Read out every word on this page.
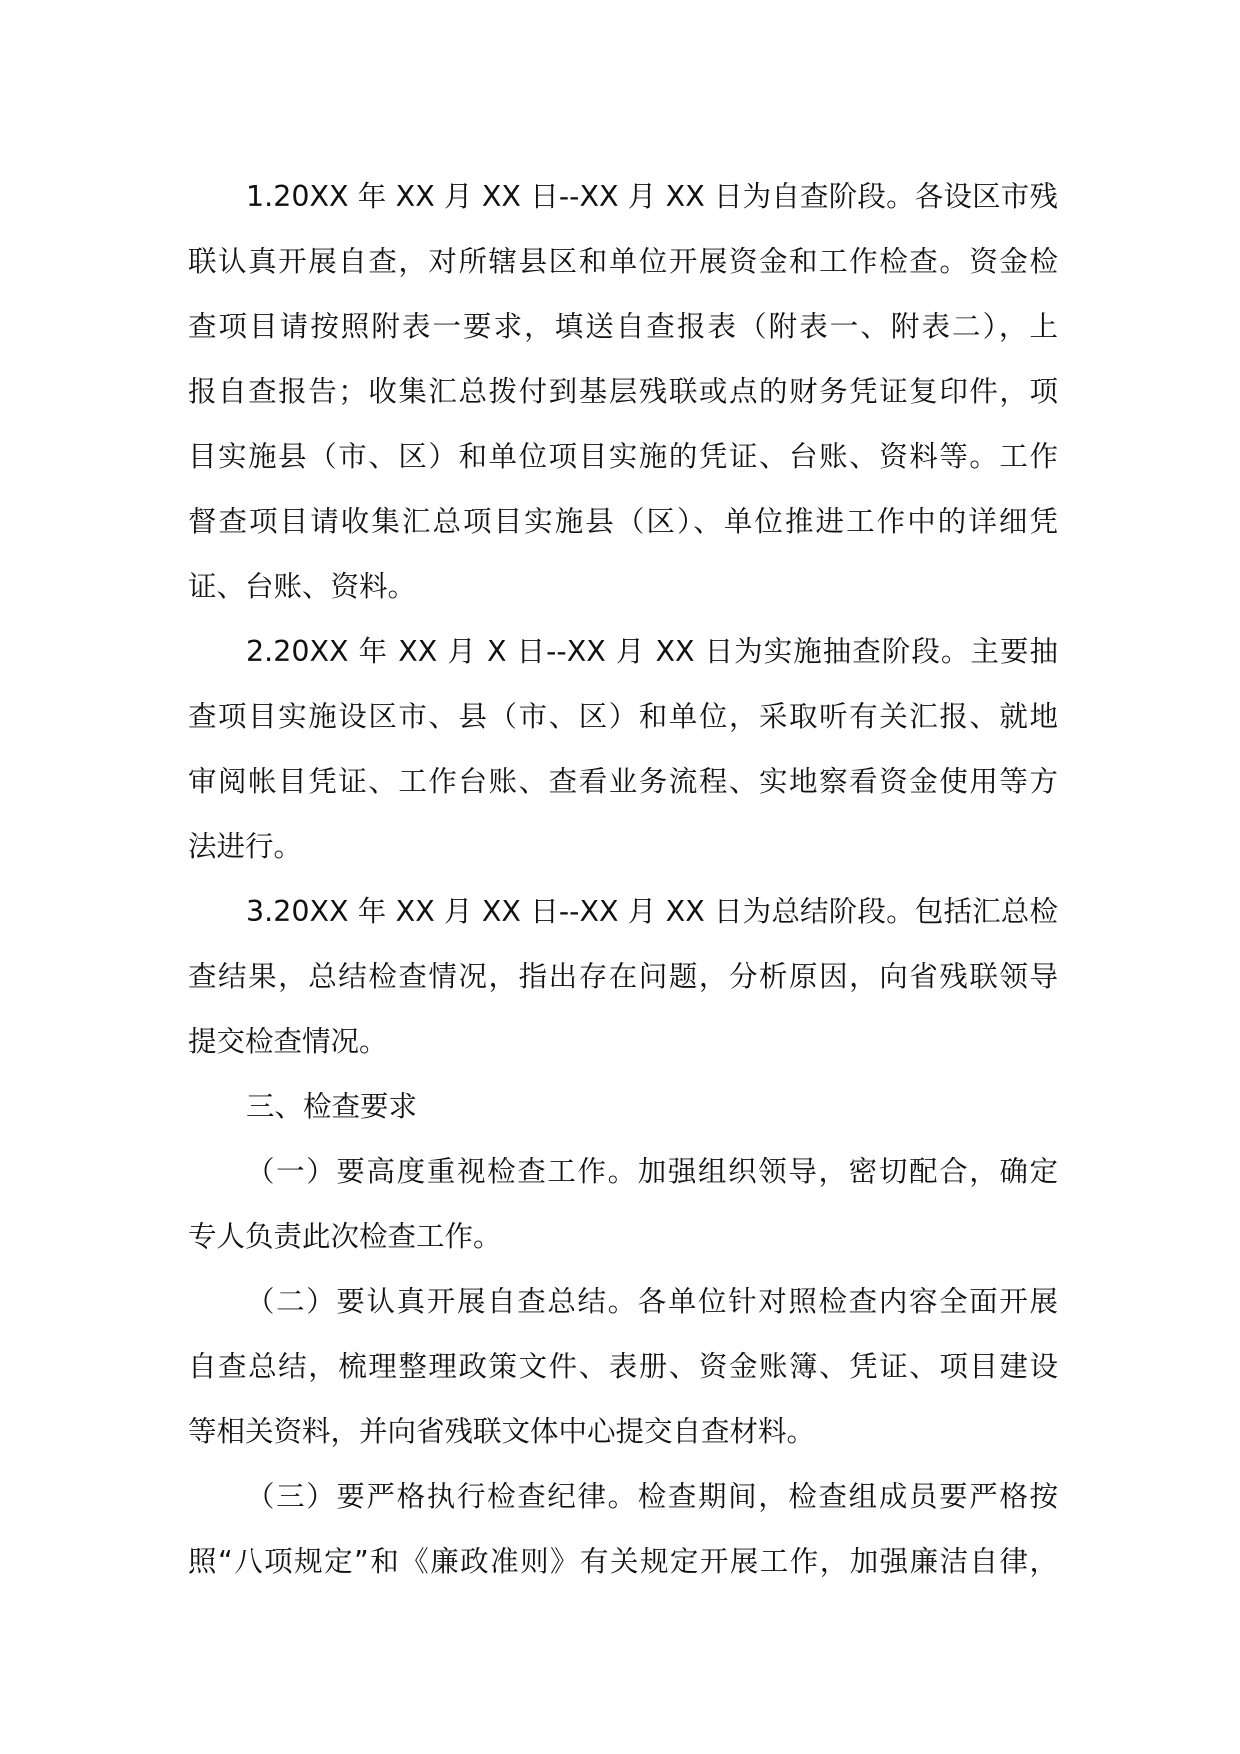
1.20XX 年 XX 月 XX 日--XX 月 XX 日为自查阶段。各设区市残
联认真开展自查，对所辖县区和单位开展资金和工作检查。资金检
查项目请按照附表一要求，填送自查报表（附表一、附表二），上
报自查报告；收集汇总拨付到基层残联或点的财务凭证复印件，项
目实施县（市、区）和单位项目实施的凭证、台账、资料等。工作
督查项目请收集汇总项目实施县（区）、单位推进工作中的详细凭
证、台账、资料。
2.20XX 年 XX 月 X 日--XX 月 XX 日为实施抽查阶段。主要抽
查项目实施设区市、县（市、区）和单位，采取听有关汇报、就地
审阅帐目凭证、工作台账、查看业务流程、实地察看资金使用等方
法进行。
3.20XX 年 XX 月 XX 日--XX 月 XX 日为总结阶段。包括汇总检
查结果，总结检查情况，指出存在问题，分析原因，向省残联领导
提交检查情况。
三、检查要求
（一）要高度重视检查工作。加强组织领导，密切配合，确定
专人负责此次检查工作。
（二）要认真开展自查总结。各单位针对照检查内容全面开展
自查总结，梳理整理政策文件、表册、资金账簿、凭证、项目建设
等相关资料，并向省残联文体中心提交自查材料。
（三）要严格执行检查纪律。检查期间，检查组成员要严格按
照“八项规定”和《廉政准则》有关规定开展工作，加强廉洁自律，
